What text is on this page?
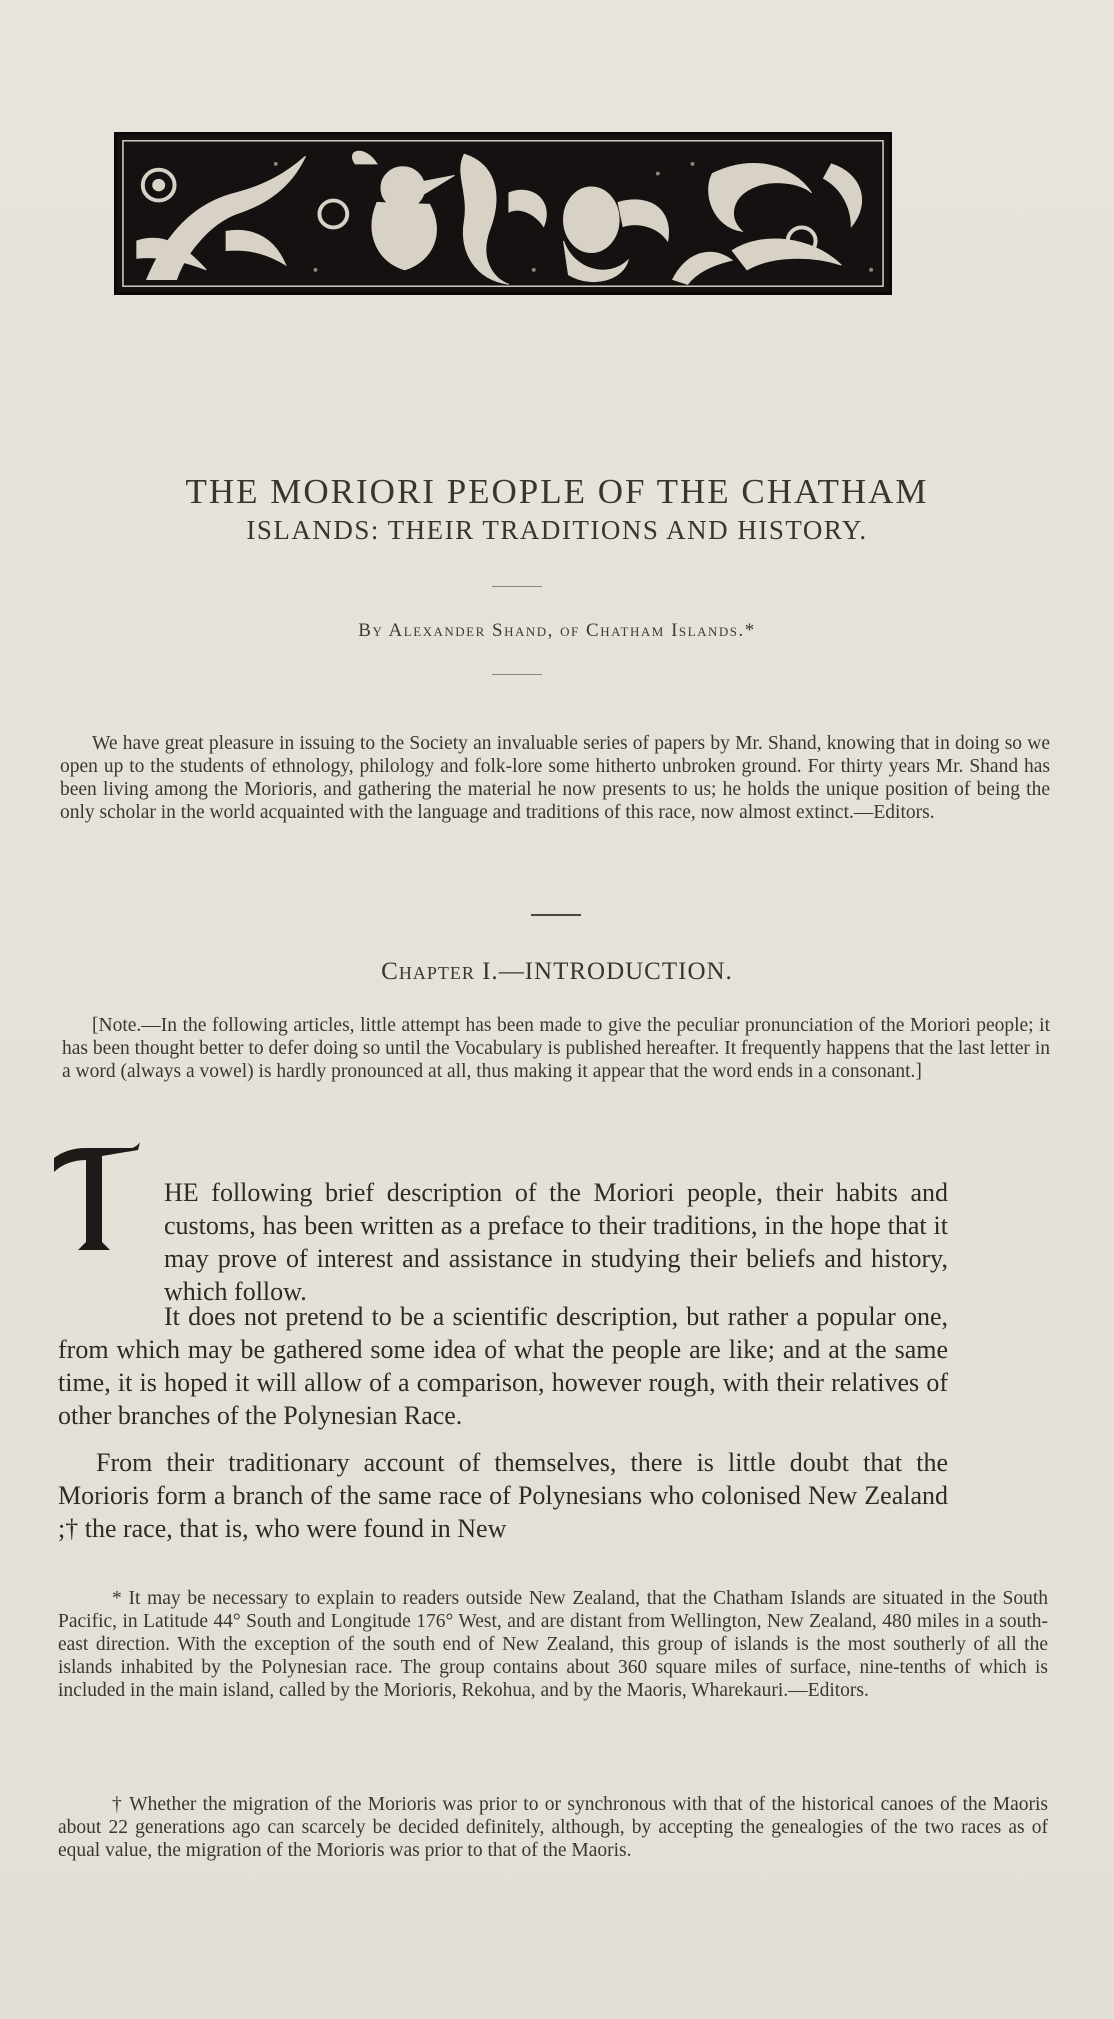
THE MORIORI PEOPLE OF THE CHATHAM
ISLANDS: THEIR TRADITIONS AND HISTORY.
By Alexander Shand, of Chatham Islands.*

We have great pleasure in issuing to the Society an invaluable series of papers by Mr. Shand, knowing that in doing so we open up to the students of ethnology, philology and folk-lore some hitherto unbroken ground. For thirty years Mr. Shand has been living among the Morioris, and gathering the material he now presents to us; he holds the unique position of being the only scholar in the world acquainted with the language and traditions of this race, now almost extinct.—Editors.

Chapter I.—INTRODUCTION.

[Note.—In the following articles, little attempt has been made to give the peculiar pronunciation of the Moriori people; it has been thought better to defer doing so until the Vocabulary is published hereafter. It frequently happens that the last letter in a word (always a vowel) is hardly pronounced at all, thus making it appear that the word ends in a consonant.]

T

HE following brief description of the Moriori people, their habits and customs, has been written as a preface to their traditions, in the hope that it may prove of interest and assistance in studying their beliefs and history, which follow.

It does not pretend to be a scientific description, but rather a popular one, from which may be gathered some idea of what the people are like; and at the same time, it is hoped it will allow of a comparison, however rough, with their relatives of other branches of the Polynesian Race.

From their traditionary account of themselves, there is little doubt that the Morioris form a branch of the same race of Polynesians who colonised New Zealand ;† the race, that is, who were found in New

* It may be necessary to explain to readers outside New Zealand, that the Chatham Islands are situated in the South Pacific, in Latitude 44° South and Longitude 176° West, and are distant from Wellington, New Zealand, 480 miles in a south-east direction. With the exception of the south end of New Zealand, this group of islands is the most southerly of all the islands inhabited by the Polynesian race. The group contains about 360 square miles of surface, nine-tenths of which is included in the main island, called by the Morioris, Rekohua, and by the Maoris, Wharekauri.—Editors.

† Whether the migration of the Morioris was prior to or synchronous with that of the historical canoes of the Maoris about 22 generations ago can scarcely be decided definitely, although, by accepting the genealogies of the two races as of equal value, the migration of the Morioris was prior to that of the Maoris.
